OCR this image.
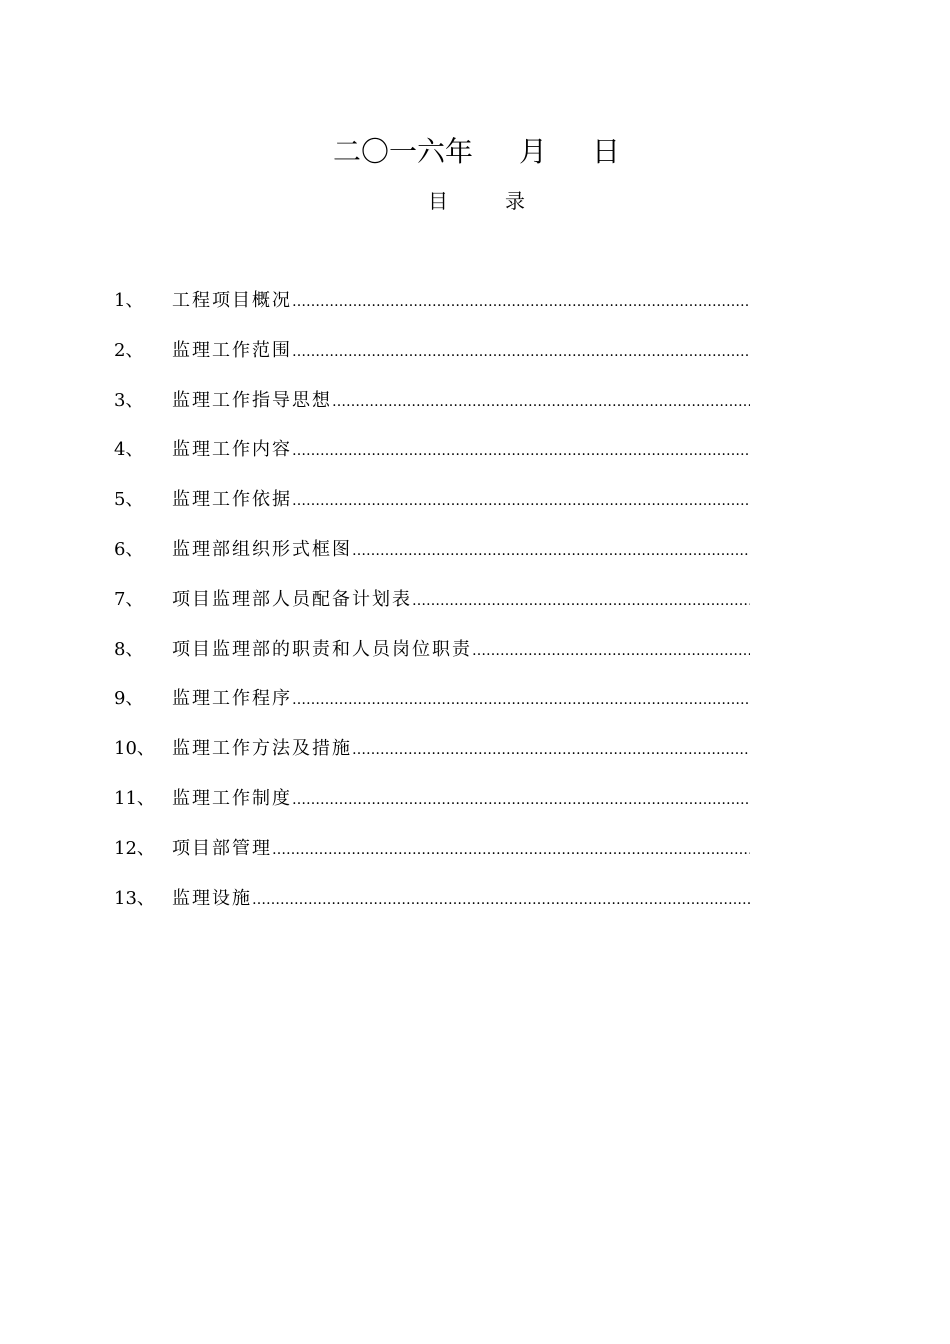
二〇一六年 月 日
目	录
1、 工程项目概况
…………………………………………………………………………………………………………………………………………………………………………
2、 监理工作范围
…………………………………………………………………………………………………………………………………………………………………………
3、 监理工作指导思想
…………………………………………………………………………………………………………………………………………………………………………
4、 监理工作内容
…………………………………………………………………………………………………………………………………………………………………………
5、 监理工作依据
…………………………………………………………………………………………………………………………………………………………………………
6、 监理部组织形式框图
…………………………………………………………………………………………………………………………………………………………………………
7、 项目监理部人员配备计划表
…………………………………………………………………………………………………………………………………………………………………………
8、 项目监理部的职责和人员岗位职责
…………………………………………………………………………………………………………………………………………………………………………
9、 监理工作程序
…………………………………………………………………………………………………………………………………………………………………………
10、 监理工作方法及措施
…………………………………………………………………………………………………………………………………………………………………………
11、 监理工作制度
…………………………………………………………………………………………………………………………………………………………………………
12、 项目部管理
…………………………………………………………………………………………………………………………………………………………………………
13、 监理设施
…………………………………………………………………………………………………………………………………………………………………………
